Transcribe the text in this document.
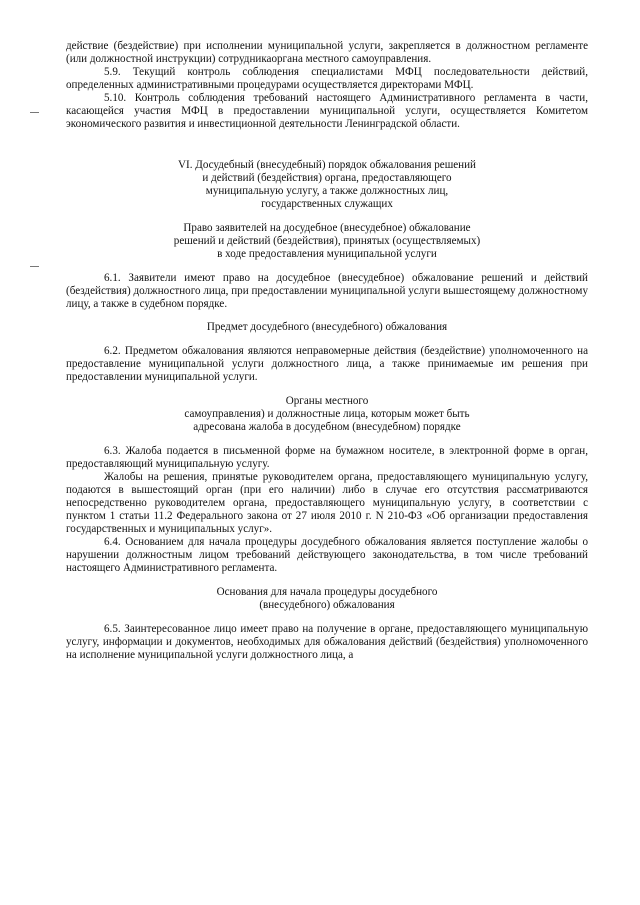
действие (бездействие) при исполнении муниципальной услуги, закрепляется в должностном регламенте (или должностной инструкции) сотрудникаоргана местного самоуправления.

5.9. Текущий контроль соблюдения специалистами МФЦ последовательности действий, определенных административными процедурами осуществляется директорами МФЦ.

5.10. Контроль соблюдения требований настоящего Административного регламента в части, касающейся участия МФЦ в предоставлении муниципальной услуги, осуществляется Комитетом экономического развития и инвестиционной деятельности Ленинградской области.

VI. Досудебный (внесудебный) порядок обжалования решений

и действий (бездействия) органа, предоставляющего

муниципальную услугу, а также должностных лиц,

государственных служащих

Право заявителей на досудебное (внесудебное) обжалование

решений и действий (бездействия), принятых (осуществляемых)

в ходе предоставления муниципальной услуги

6.1. Заявители имеют право на досудебное (внесудебное) обжалование решений и действий (бездействия) должностного лица, при предоставлении муниципальной услуги вышестоящему должностному лицу, а также в судебном порядке.

Предмет досудебного (внесудебного) обжалования

6.2. Предметом обжалования являются неправомерные действия (бездействие) уполномоченного на предоставление муниципальной услуги должностного лица, а также принимаемые им решения при предоставлении муниципальной услуги.

Органы местного

самоуправления) и должностные лица, которым может быть

адресована жалоба в досудебном (внесудебном) порядке

6.3. Жалоба подается в письменной форме на бумажном носителе, в электронной форме в орган, предоставляющий муниципальную услугу.

Жалобы на решения, принятые руководителем органа, предоставляющего муниципальную услугу, подаются в вышестоящий орган (при его наличии) либо в случае его отсутствия рассматриваются непосредственно руководителем органа, предоставляющего муниципальную услугу, в соответствии с пунктом 1 статьи 11.2 Федерального закона от 27 июля 2010 г. N 210-ФЗ «Об организации предоставления государственных и муниципальных услуг».

6.4. Основанием для начала процедуры досудебного обжалования является поступление жалобы о нарушении должностным лицом требований действующего законодательства, в том числе требований настоящего Административного регламента.

Основания для начала процедуры досудебного

(внесудебного) обжалования

6.5. Заинтересованное лицо имеет право на получение в органе, предоставляющего муниципальную услугу, информации и документов, необходимых для обжалования действий (бездействия) уполномоченного на исполнение муниципальной услуги должностного лица, а
